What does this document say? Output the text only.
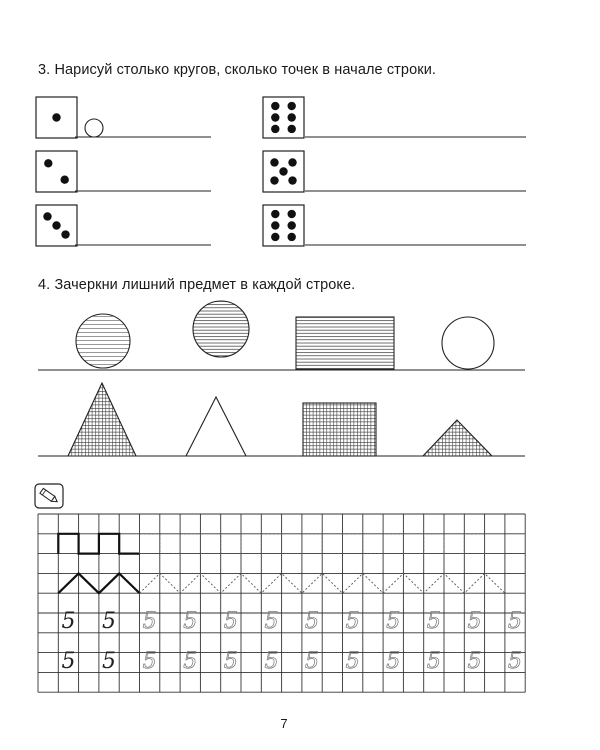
3. Нарисуй столько кругов, сколько точек в начале строки.
4. Зачеркни лишний предмет в каждой строке.
5 5 5 5 5 5 5 5 5 5 5 5
5 5 5 5 5 5 5 5 5 5 5 5
7
